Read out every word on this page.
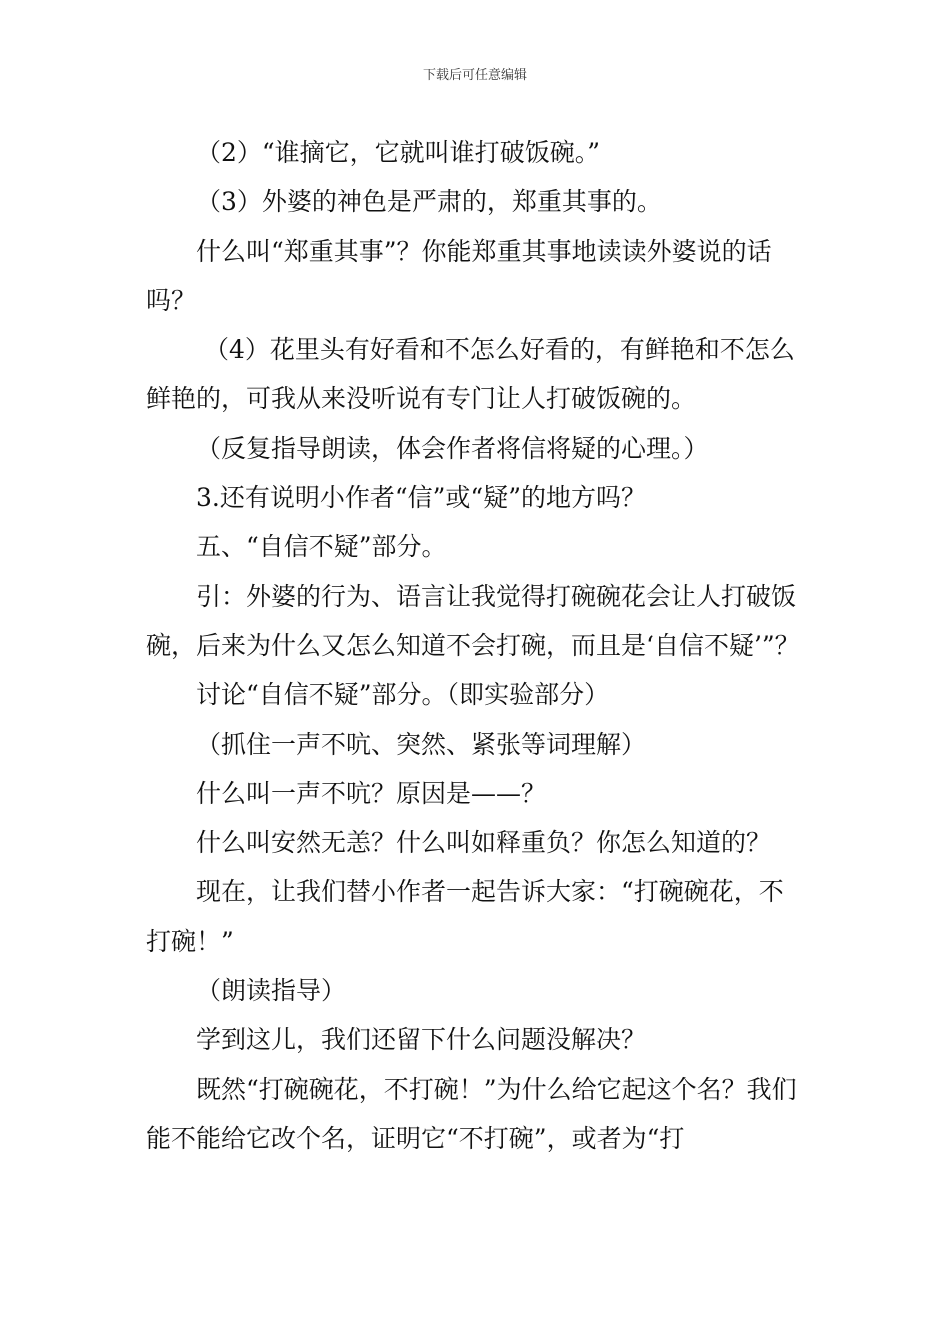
下载后可任意编辑

（2）“谁摘它，它就叫谁打破饭碗。”

（3）外婆的神色是严肃的，郑重其事的。

什么叫“郑重其事”？你能郑重其事地读读外婆说的话吗？

（4）花里头有好看和不怎么好看的，有鲜艳和不怎么鲜艳的，可我从来没听说有专门让人打破饭碗的。

（反复指导朗读，体会作者将信将疑的心理。）

3.还有说明小作者“信”或“疑”的地方吗？

五、“自信不疑”部分。

引：外婆的行为、语言让我觉得打碗碗花会让人打破饭碗，后来为什么又怎么知道不会打碗，而且是‘自信不疑’”？

讨论“自信不疑”部分。（即实验部分）

（抓住一声不吭、突然、紧张等词理解）

什么叫一声不吭？原因是——？

什么叫安然无恙？什么叫如释重负？你怎么知道的？

现在，让我们替小作者一起告诉大家：“打碗碗花，不打碗！”

（朗读指导）

学到这儿，我们还留下什么问题没解决？

既然“打碗碗花，不打碗！”为什么给它起这个名？我们能不能给它改个名，证明它“不打碗”，或者为“打
